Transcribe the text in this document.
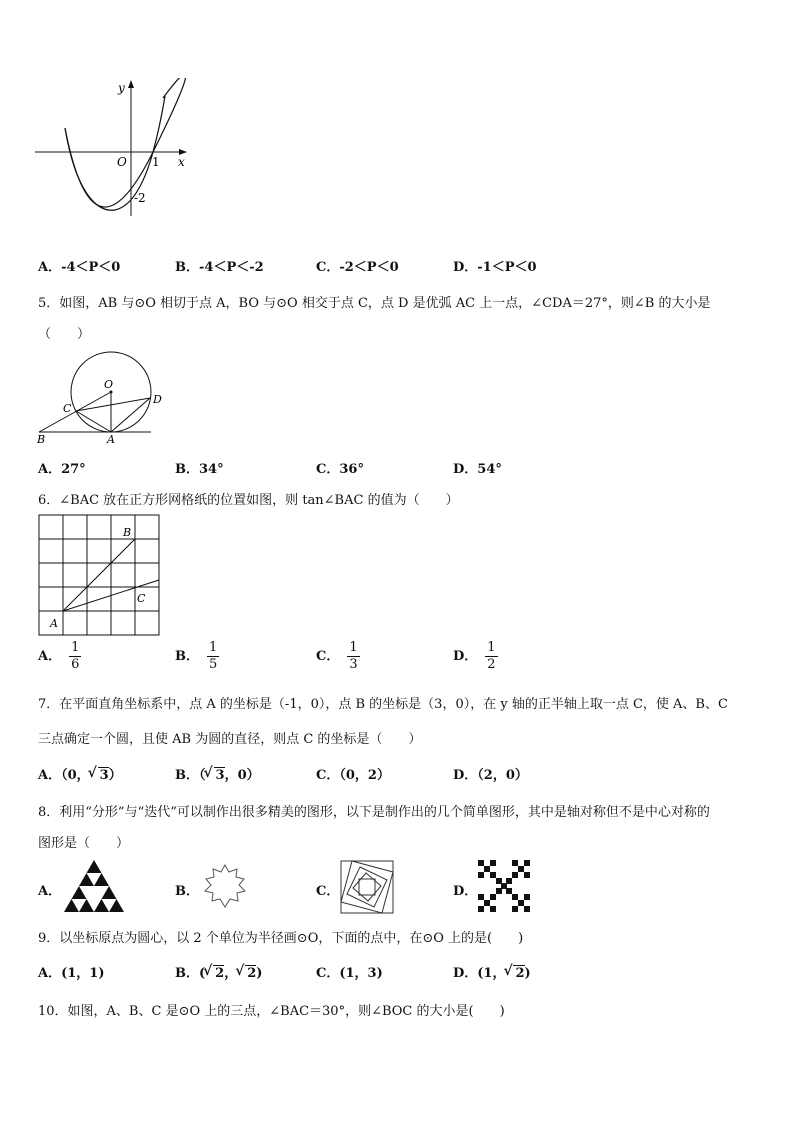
y
x
O 1
-2
A．-4＜P＜0	B．-4＜P＜-2	C．-2＜P＜0	D．-1＜P＜0
5．如图，AB 与⊙O 相切于点 A，BO 与⊙O 相交于点 C，点 D 是优弧 AC 上一点，∠CDA＝27°，则∠B 的大小是
（　　）
O
C
D
B	A
A．27°	B．34°	C．36°	D．54°
6．∠BAC 放在正方形网格纸的位置如图，则 tan∠BAC 的值为（　　）
A
B
C
A． $\frac{1}{6}$	B． $\frac{1}{5}$	C． $\frac{1}{3}$	D． $\frac{1}{2}$
7．在平面直角坐标系中，点 A 的坐标是（-1，0），点 B 的坐标是（3，0），在 y 轴的正半轴上取一点 C，使 A、B、C
三点确定一个圆，且使 AB 为圆的直径，则点 C 的坐标是（　　）
A．（0， √ 3）	B．（ √ 3，0）	C．（0，2）	D．（2，0）
8．利用“分形”与“迭代”可以制作出很多精美的图形，以下是制作出的几个简单图形，其中是轴对称但不是中心对称的
图形是（　　）
A．	B．	C．	D．
9．以坐标原点为圆心，以 2 个单位为半径画⊙O，下面的点中，在⊙O 上的是(　　)
A．(1，1)	B．( √ 2， √ 2)	C．(1，3)	D．(1， √ 2)
10．如图，A、B、C 是⊙O 上的三点，∠BAC＝30°，则∠BOC 的大小是(　　)
